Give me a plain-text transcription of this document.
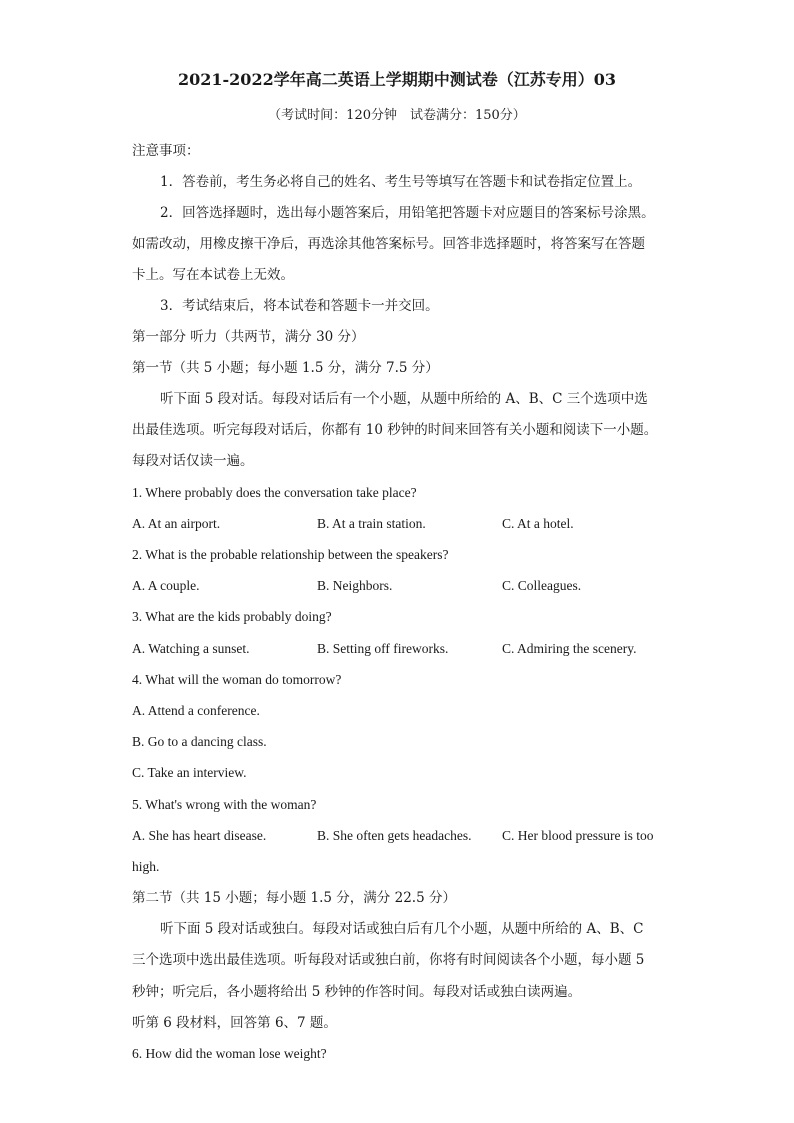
2021-2022学年高二英语上学期期中测试卷（江苏专用）03
（考试时间：120分钟　试卷满分：150分）
注意事项：
1．答卷前，考生务必将自己的姓名、考生号等填写在答题卡和试卷指定位置上。
2．回答选择题时，选出每小题答案后，用铅笔把答题卡对应题目的答案标号涂黑。
如需改动，用橡皮擦干净后，再选涂其他答案标号。回答非选择题时，将答案写在答题
卡上。写在本试卷上无效。
3．考试结束后，将本试卷和答题卡一并交回。
第一部分 听力（共两节，满分 30 分）
第一节（共 5 小题；每小题 1.5 分，满分 7.5 分）
听下面 5 段对话。每段对话后有一个小题，从题中所给的 A、B、C 三个选项中选
出最佳选项。听完每段对话后，你都有 10 秒钟的时间来回答有关小题和阅读下一小题。
每段对话仅读一遍。
1. Where probably does the conversation take place?
A. At an airport.	B. At a train station.	C. At a hotel.
2. What is the probable relationship between the speakers?
A. A couple.	B. Neighbors.	C. Colleagues.
3. What are the kids probably doing?
A. Watching a sunset.	B. Setting off fireworks.	C. Admiring the scenery.
4. What will the woman do tomorrow?
A. Attend a conference.
B. Go to a dancing class.
C. Take an interview.
5. What's wrong with the woman?
A. She has heart disease.	B. She often gets headaches. C. Her blood pressure is too
high.
第二节（共 15 小题；每小题 1.5 分，满分 22.5 分）
听下面 5 段对话或独白。每段对话或独白后有几个小题，从题中所给的 A、B、C
三个选项中选出最佳选项。听每段对话或独白前，你将有时间阅读各个小题，每小题 5
秒钟；听完后，各小题将给出 5 秒钟的作答时间。每段对话或独白读两遍。
听第 6 段材料，回答第 6、7 题。
6. How did the woman lose weight?
